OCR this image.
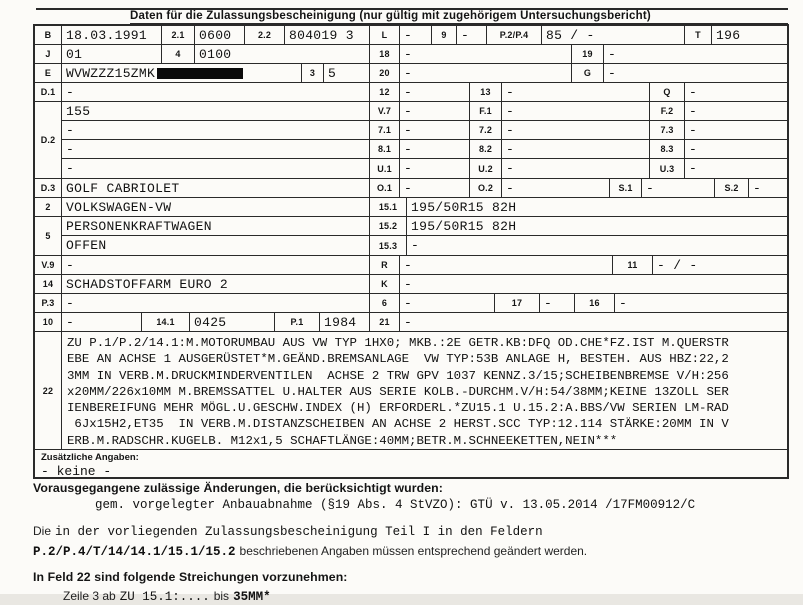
Daten für die Zulassungsbescheinigung (nur gültig mit zugehörigem Untersuchungsbericht)
B 18.03.1991	2.1 0600	2.2 804019 3	L -	9 -	P.2/P.4 85 / -	T 196
J 01	4 0100	18 -	19 -
E WVWZZZ15ZMK	3 5	20 -	G -
D.1 -	12 -	13 -	Q -
D.2
155	V.7 -	F.1 -	F.2 -
-	7.1 -	7.2 -	7.3 -
-	8.1 -	8.2 -	8.3 -
-	U.1 -	U.2 -	U.3 -
D.3 GOLF CABRIOLET	O.1 -	O.2 -	S.1 -	S.2 -
2 VOLKSWAGEN-VW	15.1 195/50R15 82H
5
PERSONENKRAFTWAGEN	15.2 195/50R15 82H
OFFEN	15.3 -
V.9 -	R -	11 - / -
14 SCHADSTOFFARM EURO 2	K -
P.3 -	6 -	17 -	16 -
10 -	14.1 0425	P.1 1984	21 -
22
ZU P.1/P.2/14.1:M.MOTORUMBAU AUS VW TYP 1HX0; MKB.:2E GETR.KB:DFQ OD.CHE*FZ.IST M.QUERSTR
EBE AN ACHSE 1 AUSGERÜSTET*M.GEÄND.BREMSANLAGE  VW TYP:53B ANLAGE H, BESTEH. AUS HBZ:22,2
3MM IN VERB.M.DRUCKMINDERVENTILEN  ACHSE 2 TRW GPV 1037 KENNZ.3/15;SCHEIBENBREMSE V/H:256
x20MM/226x10MM M.BREMSSATTEL U.HALTER AUS SERIE KOLB.-DURCHM.V/H:54/38MM;KEINE 13ZOLL SER
IENBEREIFUNG MEHR MÖGL.U.GESCHW.INDEX (H) ERFORDERL.*ZU15.1 U.15.2:A.BBS/VW SERIEN LM-RAD
6Jx15H2,ET35  IN VERB.M.DISTANZSCHEIBEN AN ACHSE 2 HERST.SCC TYP:12.114 STÄRKE:20MM IN V
ERB.M.RADSCHR.KUGELB. M12x1,5 SCHAFTLÄNGE:40MM;BETR.M.SCHNEEKETTEN,NEIN***
Zusätzliche Angaben:
- keine -
Vorausgegangene zulässige Änderungen, die berücksichtigt wurden:
gem. vorgelegter Anbauabnahme (§19 Abs. 4 StVZO): GTÜ v. 13.05.2014 /17FM00912/C
Die in der vorliegenden Zulassungsbescheinigung Teil I in den Feldern
P.2/P.4/T/14/14.1/15.1/15.2 beschriebenen Angaben müssen entsprechend geändert werden.
In Feld 22 sind folgende Streichungen vorzunehmen:
Zeile 3 ab ZU 15.1:.... bis 35MM*
